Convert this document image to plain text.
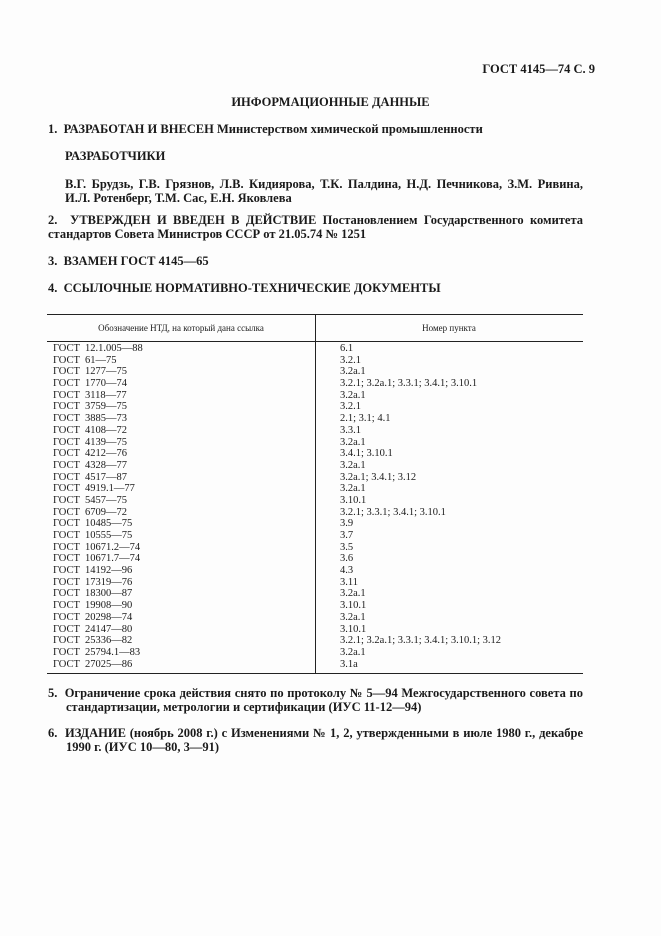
ГОСТ 4145—74 С. 9
ИНФОРМАЦИОННЫЕ ДАННЫЕ
1. РАЗРАБОТАН И ВНЕСЕН Министерством химической промышленности
РАЗРАБОТЧИКИ
В.Г. Брудзь, Г.В. Грязнов, Л.В. Кидиярова, Т.К. Палдина, Н.Д. Печникова, З.М. Ривина, И.Л. Ротенберг, Т.М. Сас, Е.Н. Яковлева
2. УТВЕРЖДЕН И ВВЕДЕН В ДЕЙСТВИЕ Постановлением Государственного комитета стандартов Совета Министров СССР от 21.05.74 № 1251
3. ВЗАМЕН ГОСТ 4145—65
4. ССЫЛОЧНЫЕ НОРМАТИВНО-ТЕХНИЧЕСКИЕ ДОКУМЕНТЫ
Обозначение НТД, на который дана ссылка	Номер пункта
ГОСТ 12.1.005—88	6.1
ГОСТ 61—75	3.2.1
ГОСТ 1277—75	3.2a.1
ГОСТ 1770—74	3.2.1; 3.2a.1; 3.3.1; 3.4.1; 3.10.1
ГОСТ 3118—77	3.2a.1
ГОСТ 3759—75	3.2.1
ГОСТ 3885—73	2.1; 3.1; 4.1
ГОСТ 4108—72	3.3.1
ГОСТ 4139—75	3.2a.1
ГОСТ 4212—76	3.4.1; 3.10.1
ГОСТ 4328—77	3.2a.1
ГОСТ 4517—87	3.2a.1; 3.4.1; 3.12
ГОСТ 4919.1—77	3.2a.1
ГОСТ 5457—75	3.10.1
ГОСТ 6709—72	3.2.1; 3.3.1; 3.4.1; 3.10.1
ГОСТ 10485—75	3.9
ГОСТ 10555—75	3.7
ГОСТ 10671.2—74	3.5
ГОСТ 10671.7—74	3.6
ГОСТ 14192—96	4.3
ГОСТ 17319—76	3.11
ГОСТ 18300—87	3.2a.1
ГОСТ 19908—90	3.10.1
ГОСТ 20298—74	3.2a.1
ГОСТ 24147—80	3.10.1
ГОСТ 25336—82	3.2.1; 3.2a.1; 3.3.1; 3.4.1; 3.10.1; 3.12
ГОСТ 25794.1—83	3.2a.1
ГОСТ 27025—86	3.1a
5. Ограничение срока действия снято по протоколу № 5—94 Межгосударственного совета по стандартизации, метрологии и сертификации (ИУС 11-12—94)
6. ИЗДАНИЕ (ноябрь 2008 г.) с Изменениями № 1, 2, утвержденными в июле 1980 г., декабре 1990 г. (ИУС 10—80, 3—91)
